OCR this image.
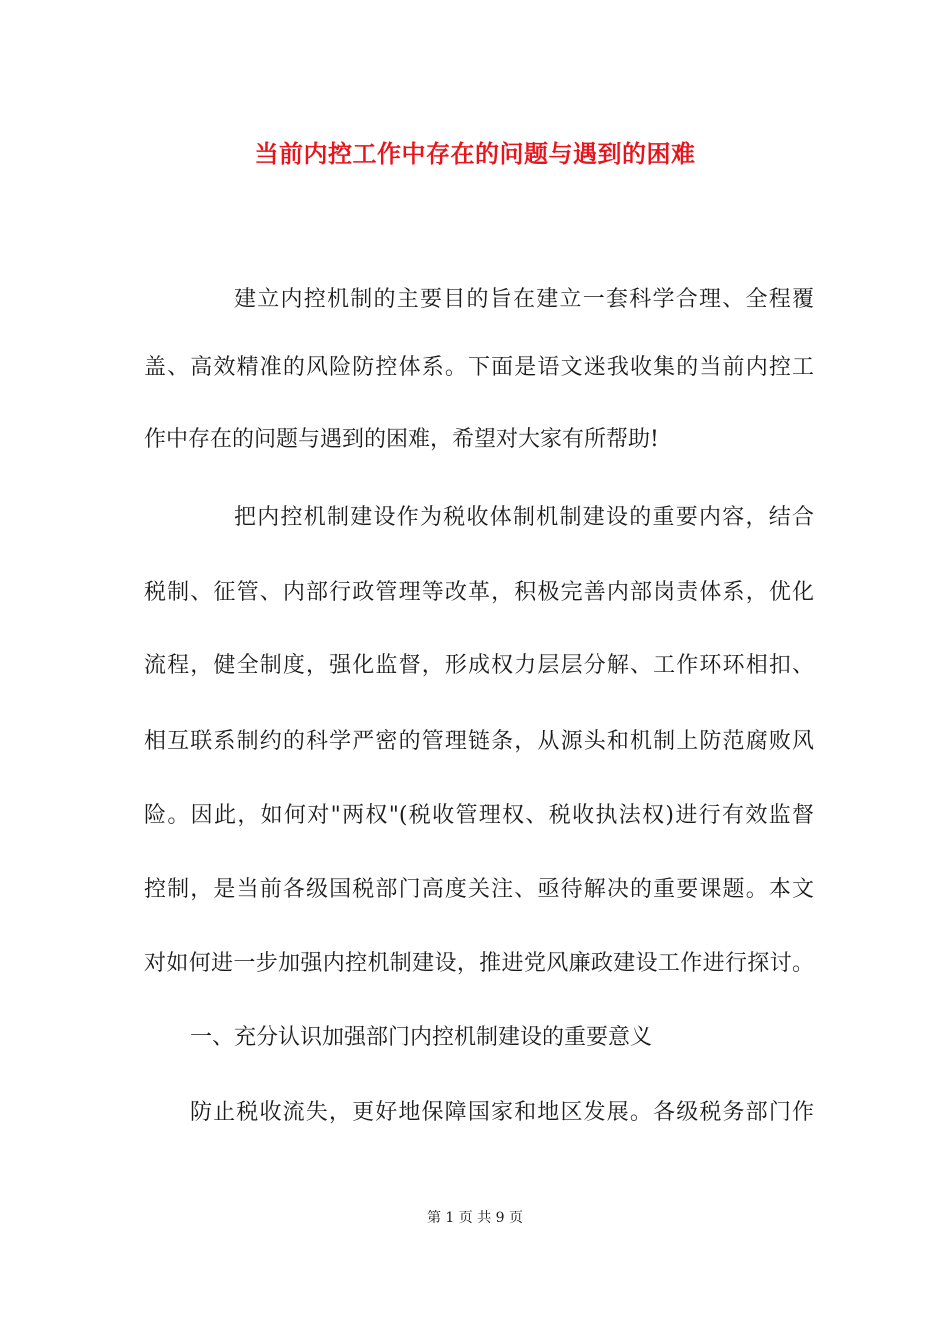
当前内控工作中存在的问题与遇到的困难
建立内控机制的主要目的旨在建立一套科学合理、全程覆
盖、高效精准的风险防控体系。下面是语文迷我收集的当前内控工
作中存在的问题与遇到的困难，希望对大家有所帮助!
把内控机制建设作为税收体制机制建设的重要内容，结合
税制、征管、内部行政管理等改革，积极完善内部岗责体系，优化
流程，健全制度，强化监督，形成权力层层分解、工作环环相扣、
相互联系制约的科学严密的管理链条，从源头和机制上防范腐败风
险。因此，如何对"两权"(税收管理权、税收执法权)进行有效监督
控制，是当前各级国税部门高度关注、亟待解决的重要课题。本文
对如何进一步加强内控机制建设，推进党风廉政建设工作进行探讨。
一、充分认识加强部门内控机制建设的重要意义
防止税收流失，更好地保障国家和地区发展。各级税务部门作
第 1 页 共 9 页
